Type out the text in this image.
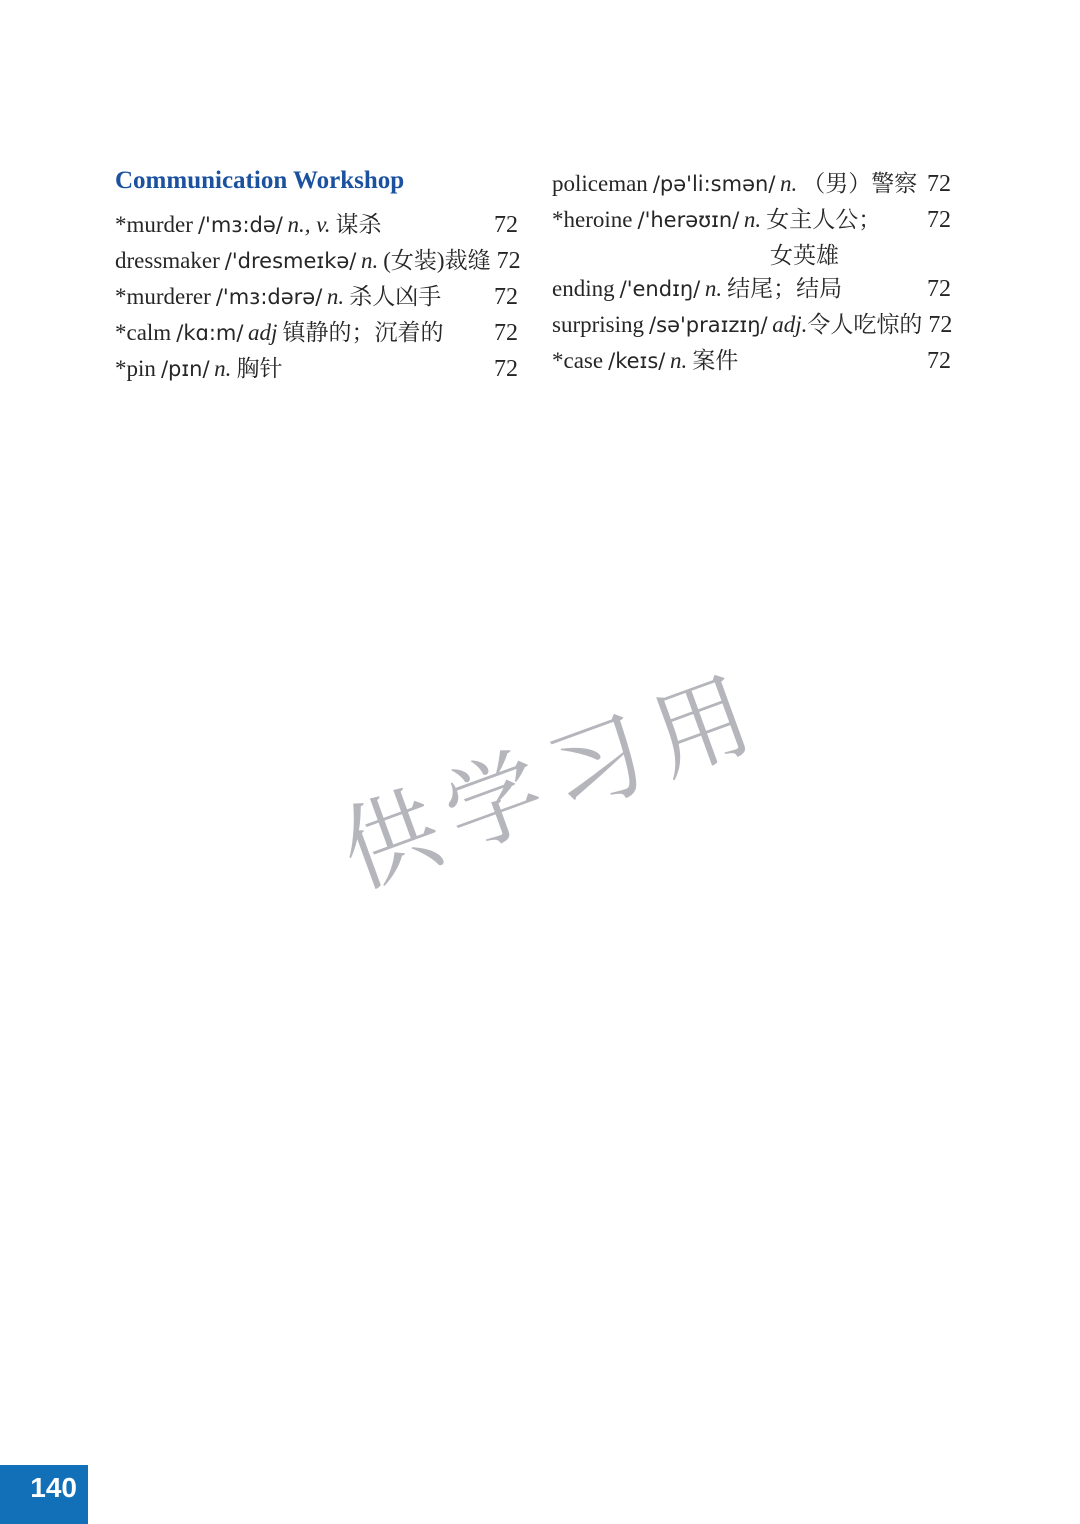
Communication Workshop
*murder /'mɜ:də/ n., v. 谋杀	72
dressmaker /'dresmeɪkə/ n. (女装)裁缝 72
*murderer /'mɜ:dərə/ n. 杀人凶手 72
*calm /kɑ:m/ adj 镇静的；沉着的 72
*pin /pɪn/ n. 胸针	72
policeman /pə'li:smən/ n. （男）警察 72
*heroine /'herəʊɪn/ n. 女主人公； 72
女英雄
ending /'endɪŋ/ n. 结尾；结局	72
surprising /sə'praɪzɪŋ/ adj.令人吃惊的 72
*case /keɪs/ n. 案件	72
供学习用
140
